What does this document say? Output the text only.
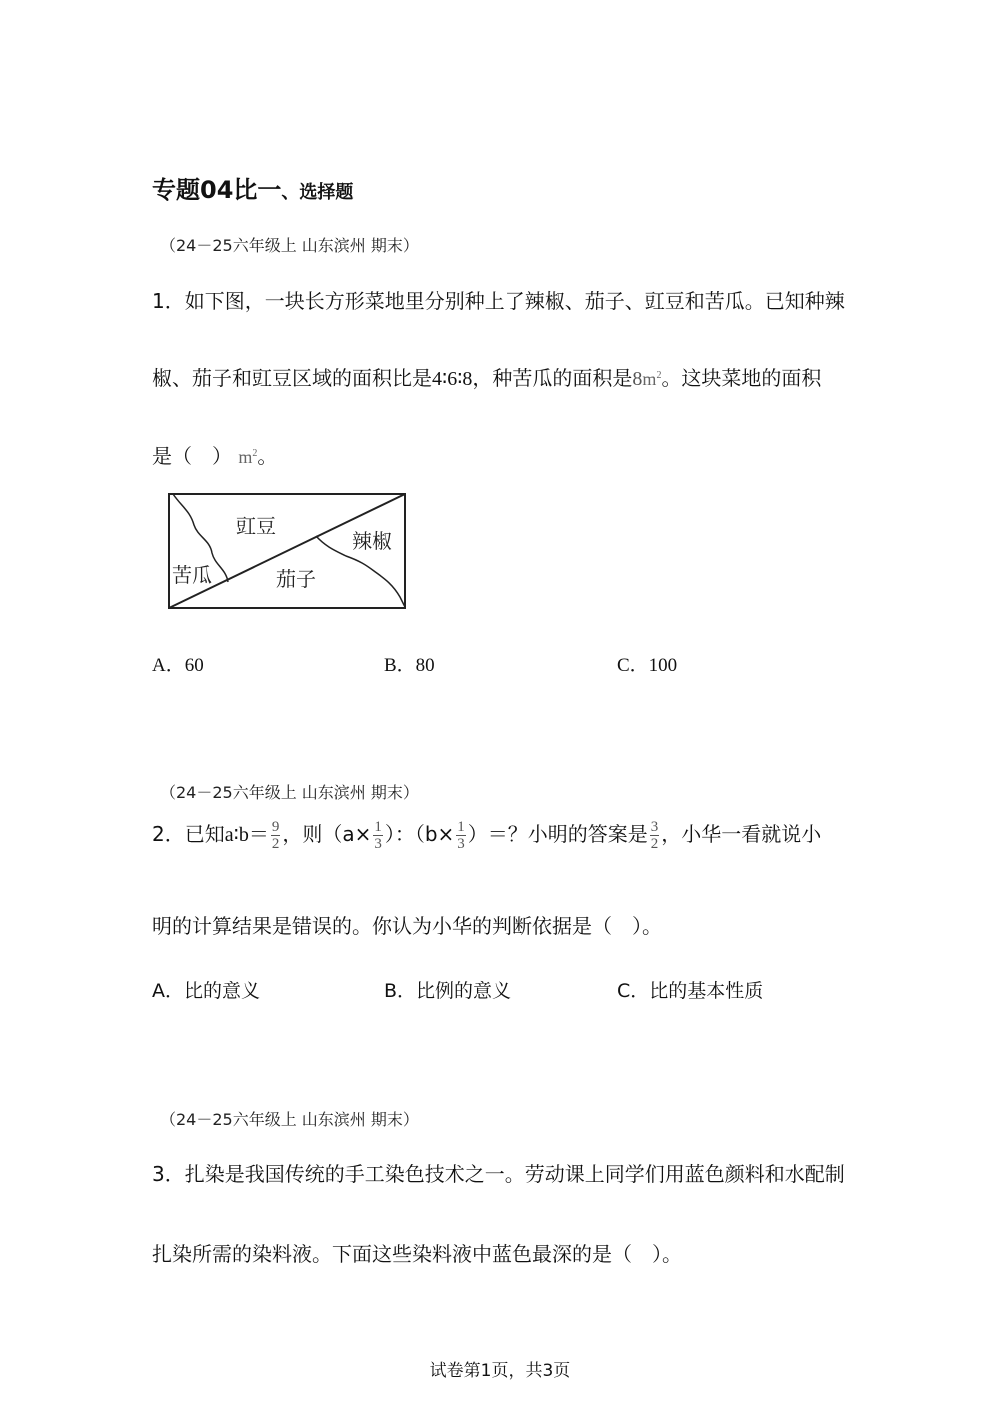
专题04比一、选择题
（24－25六年级上 山东滨州 期末）
1．如下图，一块长方形菜地里分别种上了辣椒、茄子、豇豆和苦瓜。已知种辣
椒、茄子和豇豆区域的面积比是4∶6∶8，种苦瓜的面积是$8m^2$。这块菜地的面积
是（　） $m^2$。
豇豆
辣椒
苦瓜	茄子
A．60	B．80	C．100
（24－25六年级上 山东滨州 期末）
2．已知a∶b＝ $\frac{9}{2}$ ，则（$a\times \frac{1}{3}$ ）：（$b\times \frac{1}{3}$ ）＝？小明的答案是 $\frac{3}{2}$ ，小华一看就说小
明的计算结果是错误的。你认为小华的判断依据是（　）。
A．比的意义	B．比例的意义	C．比的基本性质
（24－25六年级上 山东滨州 期末）
3．扎染是我国传统的手工染色技术之一。劳动课上同学们用蓝色颜料和水配制
扎染所需的染料液。下面这些染料液中蓝色最深的是（　）。
试卷第1页，共3页
